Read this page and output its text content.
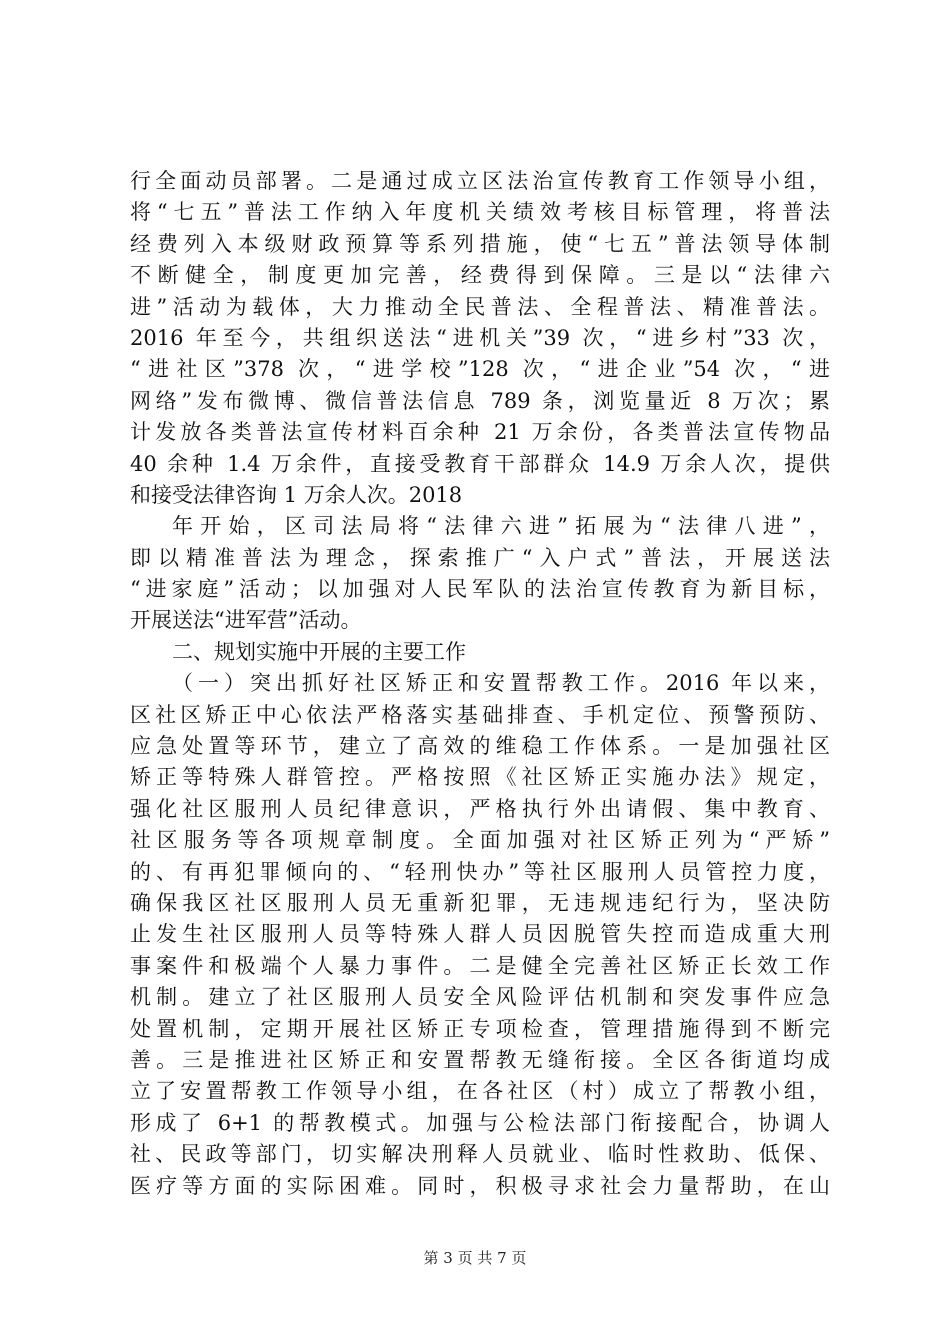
行全面动员部署。二是通过成立区法治宣传教育工作领导小组，
将“七五”普法工作纳入年度机关绩效考核目标管理，将普法
经费列入本级财政预算等系列措施，使“七五”普法领导体制
不断健全，制度更加完善，经费得到保障。三是以“法律六
进”活动为载体，大力推动全民普法、全程普法、精准普法。
2016 年至今，共组织送法“进机关”39 次，“进乡村”33 次，
“进社区”378 次，“进学校”128 次，“进企业”54 次，“进
网络”发布微博、微信普法信息 789 条，浏览量近 8 万次；累
计发放各类普法宣传材料百余种 21 万余份，各类普法宣传物品
40 余种 1.4 万余件，直接受教育干部群众 14.9 万余人次，提供
和接受法律咨询 1 万余人次。2018
年开始，区司法局将“法律六进”拓展为“法律八进”，
即以精准普法为理念，探索推广“入户式”普法，开展送法
“进家庭”活动；以加强对人民军队的法治宣传教育为新目标，
开展送法“进军营”活动。
二、规划实施中开展的主要工作
（一）突出抓好社区矫正和安置帮教工作。2016 年以来，
区社区矫正中心依法严格落实基础排查、手机定位、预警预防、
应急处置等环节，建立了高效的维稳工作体系。一是加强社区
矫正等特殊人群管控。严格按照《社区矫正实施办法》规定，
强化社区服刑人员纪律意识，严格执行外出请假、集中教育、
社区服务等各项规章制度。全面加强对社区矫正列为“严矫”
的、有再犯罪倾向的、“轻刑快办”等社区服刑人员管控力度，
确保我区社区服刑人员无重新犯罪，无违规违纪行为，坚决防
止发生社区服刑人员等特殊人群人员因脱管失控而造成重大刑
事案件和极端个人暴力事件。二是健全完善社区矫正长效工作
机制。建立了社区服刑人员安全风险评估机制和突发事件应急
处置机制，定期开展社区矫正专项检查，管理措施得到不断完
善。三是推进社区矫正和安置帮教无缝衔接。全区各街道均成
立了安置帮教工作领导小组，在各社区（村）成立了帮教小组，
形成了 6+1 的帮教模式。加强与公检法部门衔接配合，协调人
社、民政等部门，切实解决刑释人员就业、临时性救助、低保、
医疗等方面的实际困难。同时，积极寻求社会力量帮助，在山
第 3 页 共 7 页
